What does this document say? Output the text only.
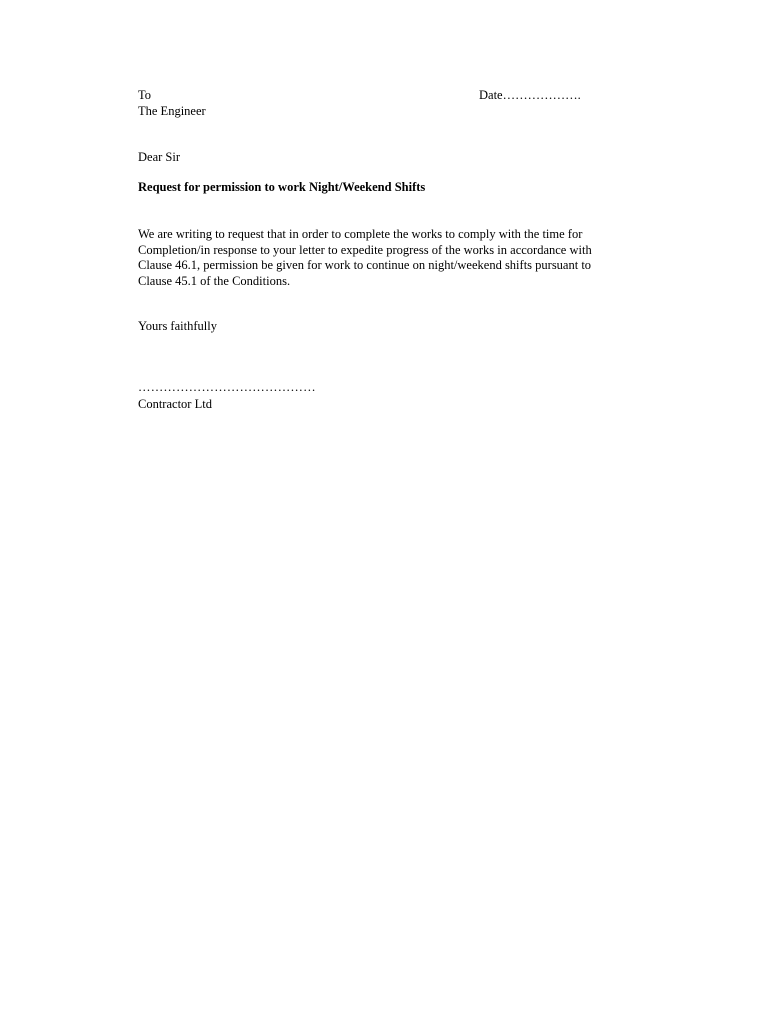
To	Date……………….
The Engineer
Dear Sir
Request for permission to work Night/Weekend Shifts
We are writing to request that in order to complete the works to comply with the time for
Completion/in response to your letter to expedite progress of the works in accordance with
Clause 46.1, permission be given for work to continue on night/weekend shifts pursuant to
Clause 45.1 of the Conditions.
Yours faithfully
……………………………………
Contractor Ltd
